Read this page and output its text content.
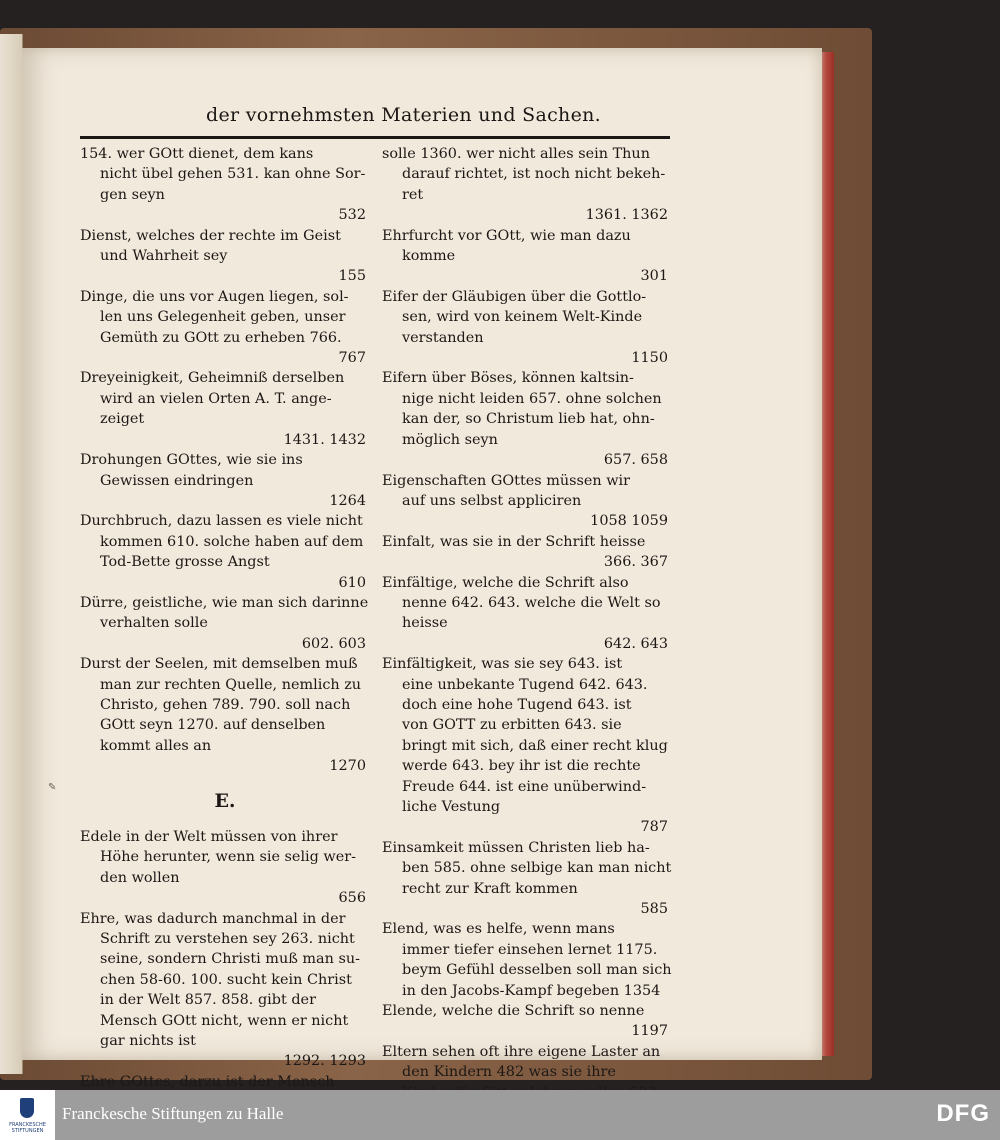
der vornehmsten Materien und Sachen.
154. wer GOtt dienet, dem kans
nicht übel gehen 531. kan ohne Sor-
gen seyn
532
Dienst, welches der rechte im Geist
und Wahrheit sey
155
Dinge, die uns vor Augen liegen, sol-
len uns Gelegenheit geben, unser
Gemüth zu GOtt zu erheben 766.
767
Dreyeinigkeit, Geheimniß derselben
wird an vielen Orten A. T. ange-
zeiget
1431. 1432
Drohungen GOttes, wie sie ins
Gewissen eindringen
1264
Durchbruch, dazu lassen es viele nicht
kommen 610. solche haben auf dem
Tod-Bette grosse Angst
610
Dürre, geistliche, wie man sich darinne
verhalten solle
602. 603
Durst der Seelen, mit demselben muß
man zur rechten Quelle, nemlich zu
Christo, gehen 789. 790. soll nach
GOtt seyn 1270. auf denselben
kommt alles an
1270
E.
Edele in der Welt müssen von ihrer
Höhe herunter, wenn sie selig wer-
den wollen
656
Ehre, was dadurch manchmal in der
Schrift zu verstehen sey 263. nicht
seine, sondern Christi muß man su-
chen 58-60. 100. sucht kein Christ
in der Welt 857. 858. gibt der
Mensch GOtt nicht, wenn er nicht
gar nichts ist
1292. 1293
Ehre GOttes, darzu ist der Mensch
solle 1360. wer nicht alles sein Thun
darauf richtet, ist noch nicht bekeh-
ret
1361. 1362
Ehrfurcht vor GOtt, wie man dazu
komme
301
Eifer der Gläubigen über die Gottlo-
sen, wird von keinem Welt-Kinde
verstanden
1150
Eifern über Böses, können kaltsin-
nige nicht leiden 657. ohne solchen
kan der, so Christum lieb hat, ohn-
möglich seyn
657. 658
Eigenschaften GOttes müssen wir
auf uns selbst appliciren
1058 1059
Einfalt, was sie in der Schrift heisse
366. 367
Einfältige, welche die Schrift also
nenne 642. 643. welche die Welt so
heisse
642. 643
Einfältigkeit, was sie sey 643. ist
eine unbekante Tugend 642. 643.
doch eine hohe Tugend 643. ist
von GOTT zu erbitten 643. sie
bringt mit sich, daß einer recht klug
werde 643. bey ihr ist die rechte
Freude 644. ist eine unüberwind-
liche Vestung
787
Einsamkeit müssen Christen lieb ha-
ben 585. ohne selbige kan man nicht
recht zur Kraft kommen
585
Elend, was es helfe, wenn mans
immer tiefer einsehen lernet 1175.
beym Gefühl desselben soll man sich
in den Jacobs-Kampf begeben 1354
Elende, welche die Schrift so nenne
1197
Eltern sehen oft ihre eigene Laster an
den Kindern 482 was sie ihre
✎
FRANCKESCHE STIFTUNGEN
Franckesche Stiftungen zu Halle	DFG
